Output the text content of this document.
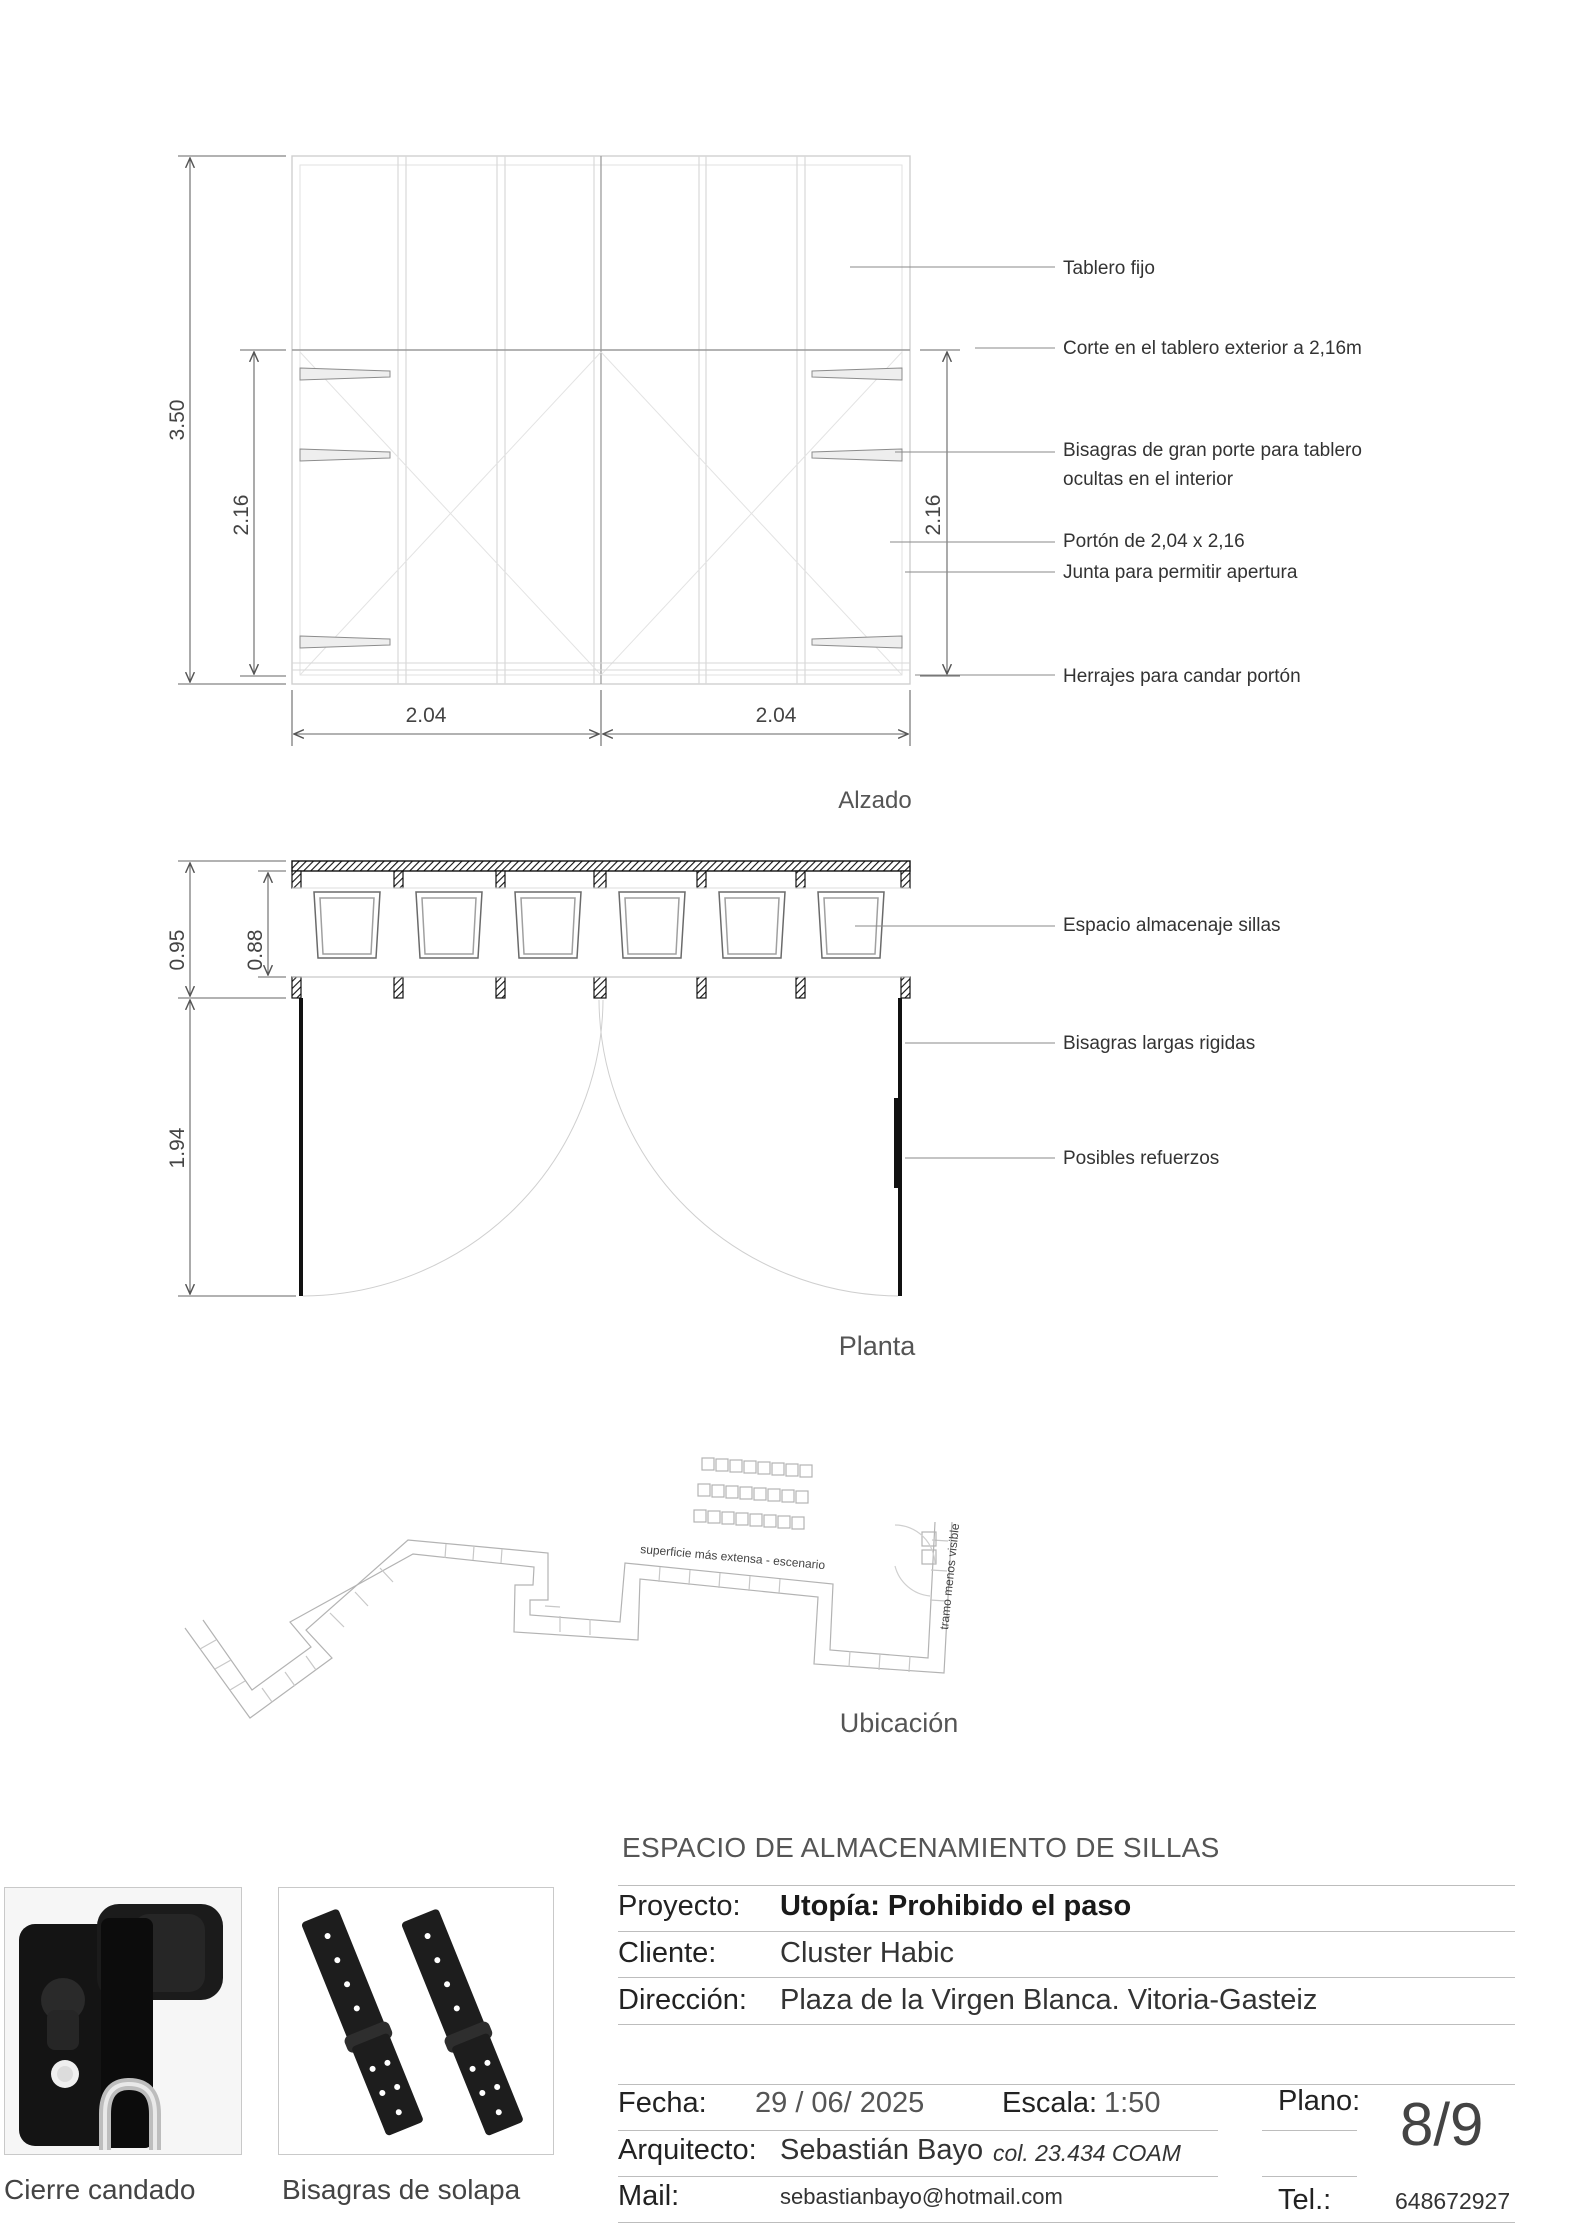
3.50
2.16	2.16
2.04	2.04
Tablero fijo
Corte en el tablero exterior a 2,16m
Bisagras de gran porte para tablero
ocultas en el interior
Portón de 2,04 x 2,16
Junta para permitir apertura
Herrajes para candar portón
Alzado
0.95	0.88
1.94
Espacio almacenaje sillas
Bisagras largas rigidas
Posibles refuerzos
Planta
superficie más extensa - escenario	tramo menos visible
Ubicación
ESPACIO DE ALMACENAMIENTO DE SILLAS
Proyecto: Utopía: Prohibido el paso
Cliente: Cluster Habic
Dirección: Plaza de la Virgen Blanca. Vitoria-Gasteiz
Fecha: 29 / 06/ 2025	Escala: 1:50	Plano: 8/9
Arquitecto: Sebastián Bayo col. 23.434 COAM
Mail:	sebastianbayo@hotmail.com	Tel.:	648672927
Cierre candado	Bisagras de solapa
